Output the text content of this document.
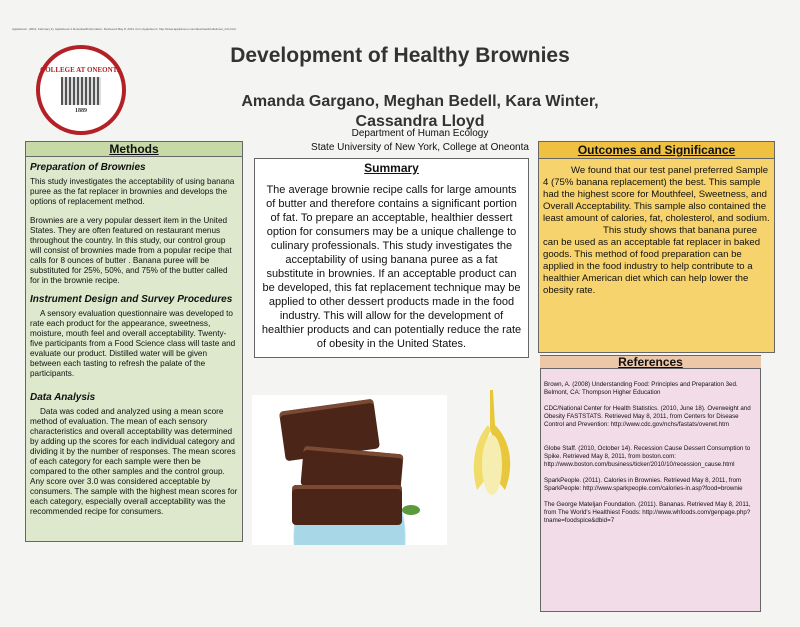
Appleboom. (2011, February 4). Appleboom's Download/Information. Retrieved May 8, 2011, from Appleboom: http://www.appleboom.com/download/collolinout_info.html
COLLEGE AT ONEONTA
1889
Development of Healthy Brownies
Amanda Gargano, Meghan Bedell, Kara Winter, Cassandra Lloyd
Department of Human Ecology
State University of New York, College at Oneonta
Methods
Preparation of Brownies

This study investigates the acceptability of using banana puree as the fat replacer in brownies and develops the options of replacement method.

Brownies are a very popular dessert item in the United States. They are often featured on restaurant menus throughout the country. In this study, our control group will consist of brownies made from a popular recipe that calls for 8 ounces of butter . Banana puree will be substituted for 25%, 50%, and 75% of the butter called for in the brownie recipe.

Instrument Design and Survey Procedures

A sensory evaluation questionnaire was developed to rate each product for the appearance, sweetness, moisture, mouth feel and overall acceptability. Twenty-five participants from a Food Science class will taste and evaluate our product. Distilled water will be given between each tasting to refresh the palate of the participants.

Data Analysis

Data was coded and analyzed using a mean score method of evaluation. The mean of each sensory characteristics and overall acceptability was determined by adding up the scores for each individual category and dividing it by the number of responses. The mean scores of each category for each sample were then be compared to the other samples and the control group. Any score over 3.0 was considered acceptable by consumers. The sample with the highest mean scores for each category, especially overall acceptability was the recommended recipe for consumers.

Summary
The average brownie recipe calls for large amounts of butter and therefore contains a significant portion of fat. To prepare an acceptable, healthier dessert option for consumers may be a unique challenge to culinary professionals. This study investigates the acceptability of using banana puree as a fat substitute in brownies. If an acceptable product can be developed, this fat replacement technique may be applied to other dessert products made in the food industry. This will allow for the development of healthier products and can potentially reduce the rate of obesity in the United States.
Outcomes and Significance

We found that our test panel preferred Sample 4 (75% banana replacement) the best. This sample had the highest score for Mouthfeel, Sweetness, and Overall Acceptability. This sample also contained the least amount of calories, fat, cholesterol, and sodium.

This study shows that banana puree can be used as an acceptable fat replacer in baked goods. This method of food preparation can be applied in the food industry to help contribute to a healthier American diet which can help lower the obesity rate.

References

Brown, A. (2008) Understanding Food: Principles and Preparation 3ed. Belmont, CA: Thompson Higher Education

CDC/National Center for Health Statistics. (2010, June 18). Overweight and Obesity FASTSTATS. Retrieved May 8, 2011, from Centers for Disease Control and Prevention: http://www.cdc.gov/nchs/fastats/overwt.htm

Globe Staff. (2010, October 14). Recession Cause Dessert Consumption to Spike. Retrieved May 8, 2011, from boston.com: http://www.boston.com/business/ticker/2010/10/recession_cause.html

SparkPeople. (2011). Calories in Brownies. Retrieved May 8, 2011, from SparkPeople: http://www.sparkpeople.com/calories-in.asp?food=brownie

The George Mateljan Foundation. (2011). Bananas. Retrieved May 8, 2011, from The World's Healthiest Foods: http://www.whfoods.com/genpage.php?tname=foodspice&dbid=7
